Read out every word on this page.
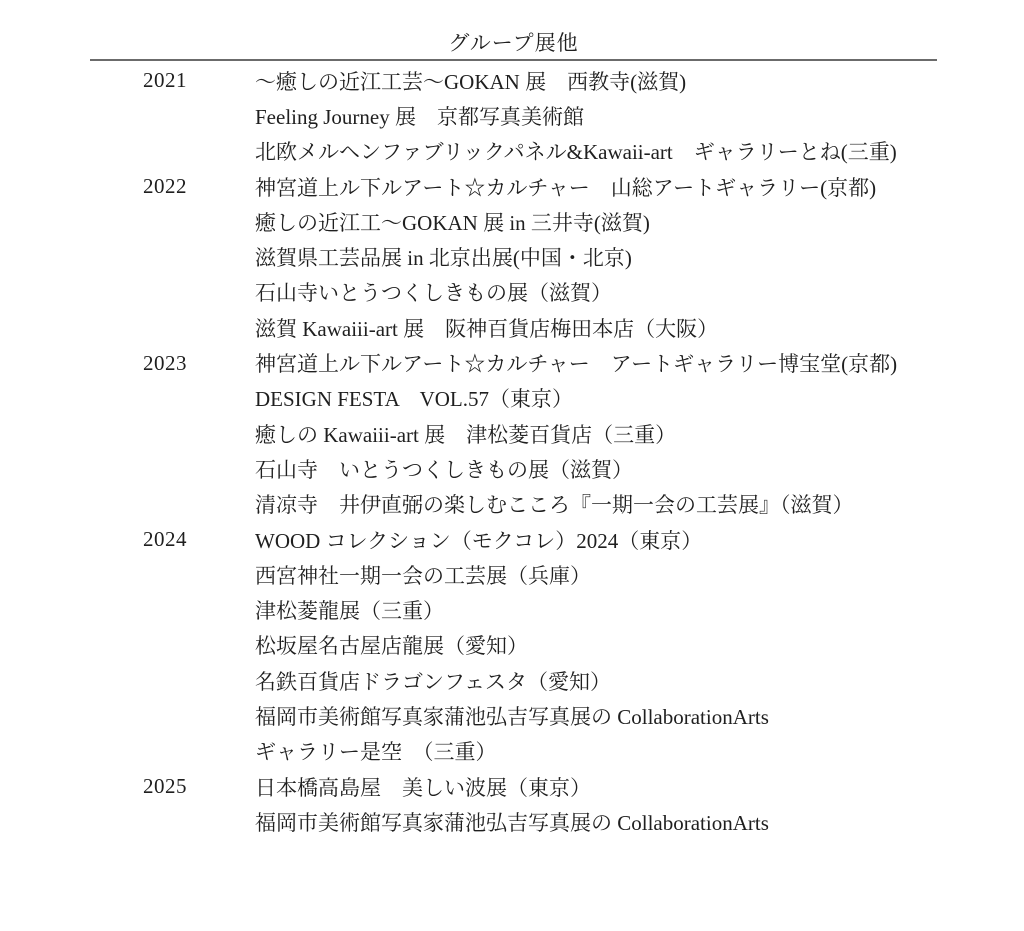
グループ展他
2021	～癒しの近江工芸～GOKAN 展　西教寺(滋賀)
Feeling Journey 展　京都写真美術館
北欧メルヘンファブリックパネル&Kawaii-art　ギャラリーとね(三重)
2022	神宮道上ル下ルアート☆カルチャー　山総アートギャラリー(京都)
癒しの近江工～GOKAN 展 in 三井寺(滋賀)
滋賀県工芸品展 in 北京出展(中国・北京)
石山寺いとうつくしきもの展（滋賀）
滋賀 Kawaiii-art 展　阪神百貨店梅田本店（大阪）
2023	神宮道上ル下ルアート☆カルチャー　アートギャラリー博宝堂(京都)
DESIGN FESTA　VOL.57（東京）
癒しの Kawaiii-art 展　津松菱百貨店（三重）
石山寺　いとうつくしきもの展（滋賀）
清凉寺　井伊直弼の楽しむこころ『一期一会の工芸展』（滋賀）
2024	WOOD コレクション（モクコレ）2024（東京）
西宮神社一期一会の工芸展（兵庫）
津松菱龍展（三重）
松坂屋名古屋店龍展（愛知）
名鉄百貨店ドラゴンフェスタ（愛知）
福岡市美術館写真家蒲池弘吉写真展の CollaborationArts
ギャラリー是空　（三重）
2025	日本橋高島屋　美しい波展（東京）
福岡市美術館写真家蒲池弘吉写真展の CollaborationArts
